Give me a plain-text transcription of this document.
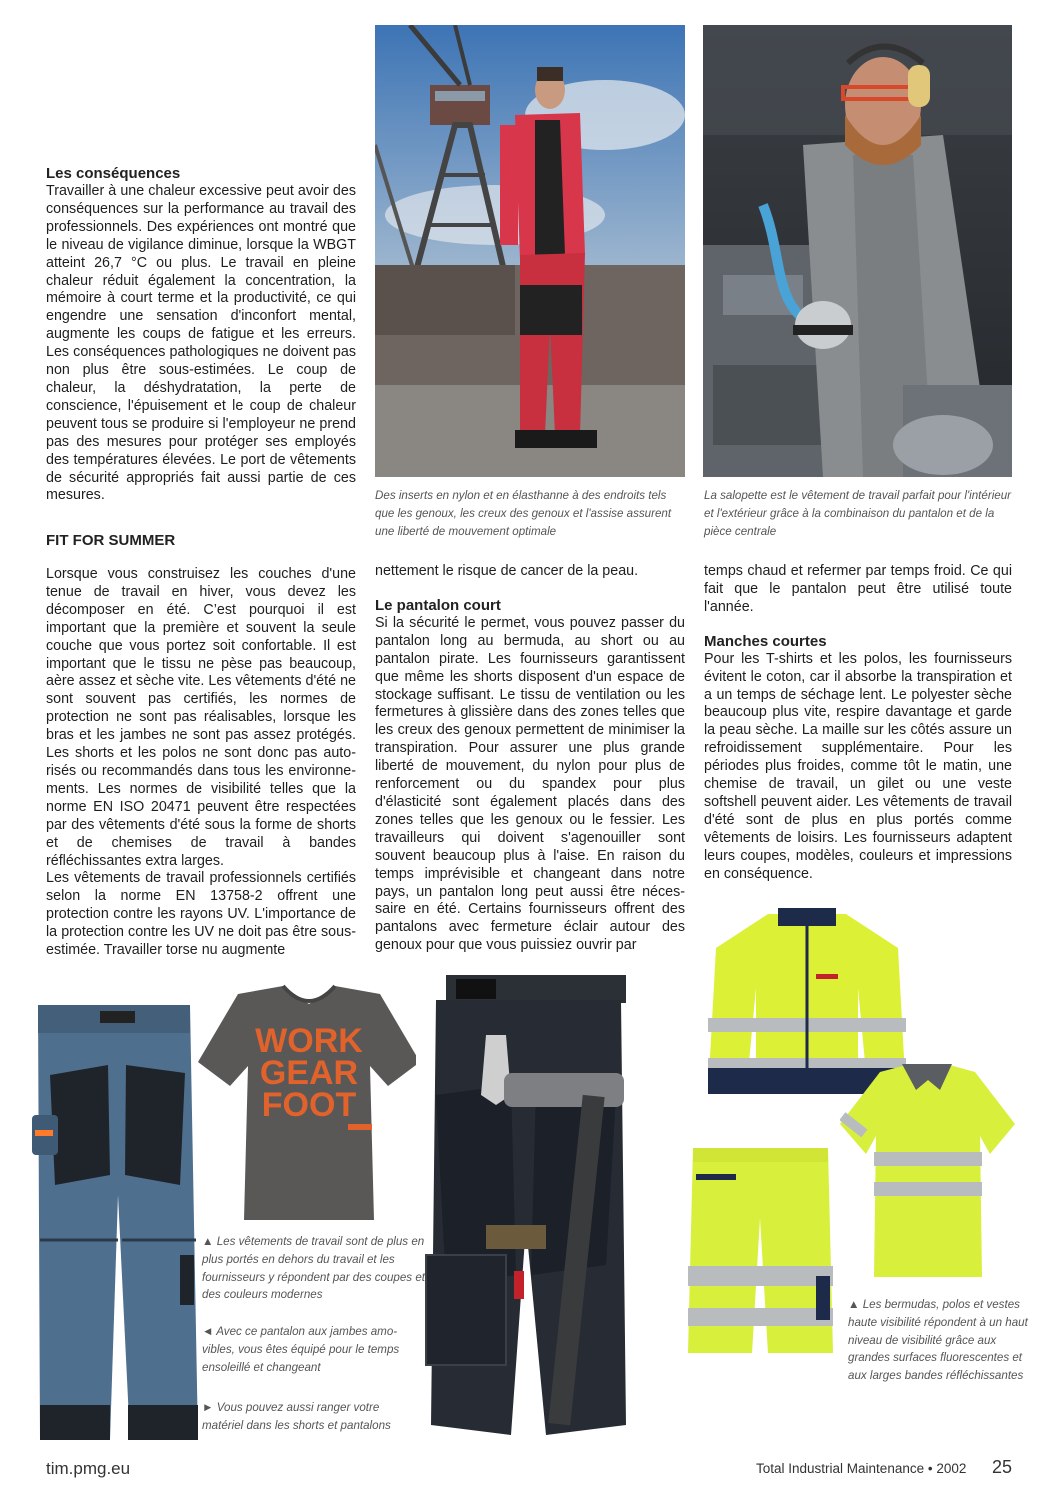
Les conséquences
Travailler à une chaleur excessive peut avoir des conséquences sur la performance au travail des professionnels. Des expériences ont montré que le niveau de vigilance diminue, lorsque la WBGT atteint 26,7 °C ou plus. Le travail en pleine chaleur réduit également la concentration, la mémoire à court terme et la productivité, ce qui engendre une sensation d'inconfort mental, augmente les coups de fatigue et les erreurs. Les conséquences pathologiques ne doivent pas non plus être sous-estimées. Le coup de chaleur, la déshydratation, la perte de conscience, l'épuisement et le coup de chaleur peuvent tous se produire si l'employeur ne prend pas des mesures pour protéger ses employés des températures élevées. Le port de vêtements de sécurité appropriés fait aussi partie de ces mesures.
FIT FOR SUMMER
Lorsque vous construisez les couches d'une tenue de travail en hiver, vous devez les décomposer en été. C’est pourquoi il est important que la première et souvent la seule couche que vous portez soit confortable. Il est important que le tissu ne pèse pas beaucoup, aère assez et sèche vite. Les vêtements d'été ne sont souvent pas certifiés, les normes de protection ne sont pas réalisables, lorsque les bras et les jambes ne sont pas assez protégés. Les shorts et les polos ne sont donc pas autorisés ou recommandés dans tous les environnements. Les normes de visibilité telles que la norme EN ISO 20471 peuvent être respectées par des vêtements d'été sous la forme de shorts et de chemises de travail à bandes réfléchissantes extra larges.
Les vêtements de travail professionnels certifiés selon la norme EN 13758-2 offrent une protection contre les rayons UV. L'importance de la protection contre les UV ne doit pas être sous-estimée. Travailler torse nu augmente
Des inserts en nylon et en élasthanne à des endroits tels que les genoux, les creux des genoux et l'assise assurent une liberté de mouvement optimale
La salopette est le vêtement de travail parfait pour l'intérieur et l'extérieur grâce à la combinaison du pantalon et de la pièce centrale
nettement le risque de cancer de la peau.
Le pantalon court
Si la sécurité le permet, vous pouvez passer du pantalon long au bermuda, au short ou au pantalon pirate. Les fournisseurs garantissent que même les shorts disposent d'un espace de stockage suffisant. Le tissu de ventilation ou les fermetures à glissière dans des zones telles que les creux des genoux permettent de minimiser la transpiration. Pour assurer une plus grande liberté de mouvement, du nylon pour plus de renforcement ou du spandex pour plus d'élasticité sont également placés dans des zones telles que les genoux ou le fessier. Les travailleurs qui doivent s'agenouiller sont souvent beaucoup plus à l'aise. En raison du temps imprévisible et changeant dans notre pays, un pantalon long peut aussi être nécessaire en été. Certains fournisseurs offrent des pantalons avec fermeture éclair autour des genoux pour que vous puissiez ouvrir par
temps chaud et refermer par temps froid. Ce qui fait que le pantalon peut être utilisé toute l'année.
Manches courtes
Pour les T-shirts et les polos, les fournisseurs évitent le coton, car il absorbe la transpiration et a un temps de séchage lent. Le polyester sèche beaucoup plus vite, respire davantage et garde la peau sèche. La maille sur les côtés assure un refroidissement supplémentaire. Pour les périodes plus froides, comme tôt le matin, une chemise de travail, un gilet ou une veste softshell peuvent aider. Les vêtements de travail d'été sont de plus en plus portés comme vêtements de loisirs. Les fournisseurs adaptent leurs coupes, modèles, couleurs et impressions en conséquence.
WORK
GEAR
FOOT
▲ Les vêtements de travail sont de plus en plus portés en dehors du travail et les fournisseurs y répondent par des coupes et des couleurs modernes
◄ Avec ce pantalon aux jambes amovibles, vous êtes équipé pour le temps ensoleillé et changeant
► Vous pouvez aussi ranger votre matériel dans les shorts et pantalons
▲ Les bermudas, polos et vestes haute visibilité répondent à un haut niveau de visibilité grâce aux grandes surfaces fluorescentes et aux larges bandes réfléchissantes
tim.pmg.eu	Total Industrial Maintenance • 2002 25
